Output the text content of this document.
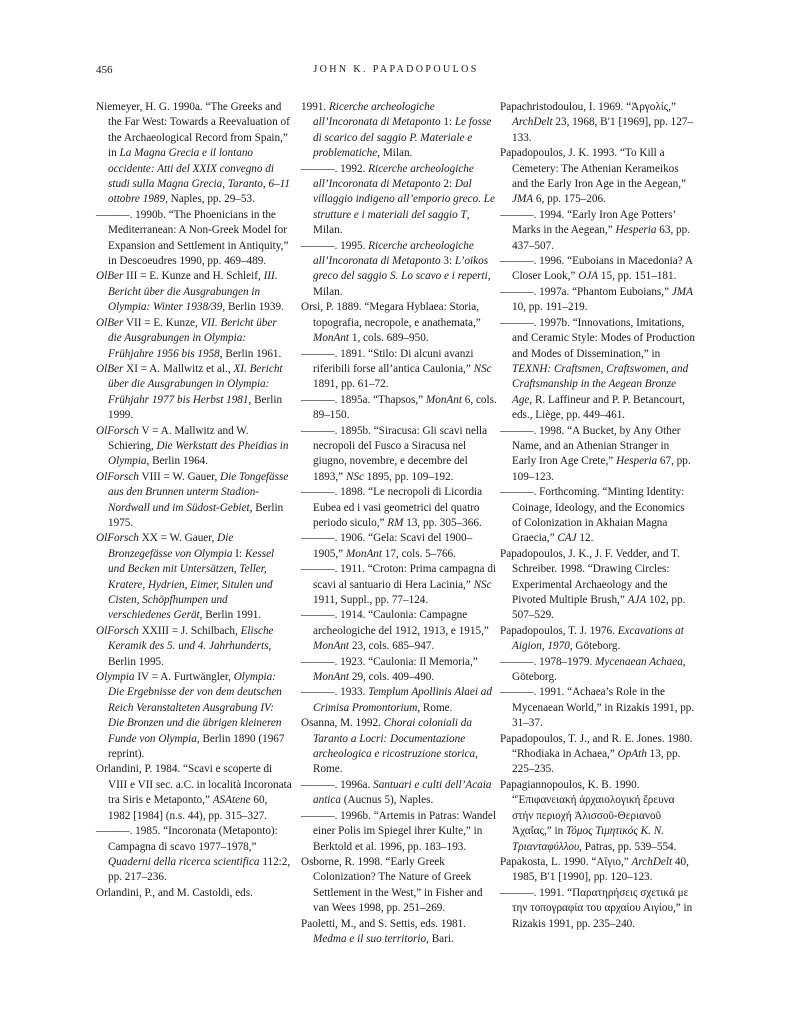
456	JOHN K. PAPADOPOULOS

Niemeyer, H. G. 1990a. “The Greeks and the Far West: Towards a Reevaluation of the Archaeological Record from Spain,” in La Magna Grecia e il lontano occidente: Atti del XXIX convegno di studi sulla Magna Grecia, Taranto, 6–11 ottobre 1989, Naples, pp. 29–53.

———. 1990b. “The Phoenicians in the Mediterranean: A Non-Greek Model for Expansion and Settlement in Antiquity,” in Descoeudres 1990, pp. 469–489.

OlBer III = E. Kunze and H. Schleif, III. Bericht über die Ausgrabungen in Olympia: Winter 1938/39, Berlin 1939.

OlBer VII = E. Kunze, VII. Bericht über die Ausgrabungen in Olympia: Frühjahre 1956 bis 1958, Berlin 1961.

OlBer XI = A. Mallwitz et al., XI. Bericht über die Ausgrabungen in Olympia: Frühjahr 1977 bis Herbst 1981, Berlin 1999.

OlForsch V = A. Mallwitz and W. Schiering, Die Werkstatt des Pheidias in Olympia, Berlin 1964.

OlForsch VIII = W. Gauer, Die Tongefässe aus den Brunnen unterm Stadion-Nordwall und im Südost-Gebiet, Berlin 1975.

OlForsch XX = W. Gauer, Die Bronzegefässe von Olympia I: Kessel und Becken mit Untersätzen, Teller, Kratere, Hydrien, Eimer, Situlen und Cisten, Schöpfhumpen und verschiedenes Gerät, Berlin 1991.

OlForsch XXIII = J. Schilbach, Elische Keramik des 5. und 4. Jahrhunderts, Berlin 1995.

Olympia IV = A. Furtwängler, Olympia: Die Ergebnisse der von dem deutschen Reich Veranstalteten Ausgrabung IV: Die Bronzen und die übrigen kleineren Funde von Olympia, Berlin 1890 (1967 reprint).

Orlandini, P. 1984. “Scavi e scoperte di VIII e VII sec. a.C. in località Incoronata tra Siris e Metaponto,” ASAtene 60, 1982 [1984] (n.s. 44), pp. 315–327.

———. 1985. “Incoronata (Metaponto): Campagna di scavo 1977–1978,” Quaderni della ricerca scientifica 112:2, pp. 217–236.

Orlandini, P., and M. Castoldi, eds.

1991. Ricerche archeologiche all’Incoronata di Metaponto 1: Le fosse di scarico del saggio P. Materiale e problematiche, Milan.

———. 1992. Ricerche archeologiche all’Incoronata di Metaponto 2: Dal villaggio indigeno all’emporio greco. Le strutture e i materiali del saggio T, Milan.

———. 1995. Ricerche archeologiche all’Incoronata di Metaponto 3: L’oikos greco del saggio S. Lo scavo e i reperti, Milan.

Orsi, P. 1889. “Megara Hyblaea: Storia, topografia, necropole, e anathemata,” MonAnt 1, cols. 689–950.

———. 1891. “Stilo: Di alcuni avanzi riferibili forse all’antica Caulonia,” NSc 1891, pp. 61–72.

———. 1895a. “Thapsos,” MonAnt 6, cols. 89–150.

———. 1895b. “Siracusa: Gli scavi nella necropoli del Fusco a Siracusa nel giugno, novembre, e decembre del 1893,” NSc 1895, pp. 109–192.

———. 1898. “Le necropoli di Licordia Eubea ed i vasi geometrici del quatro periodo siculo,” RM 13, pp. 305–366.

———. 1906. “Gela: Scavi del 1900–1905,” MonAnt 17, cols. 5–766.

———. 1911. “Croton: Prima campagna di scavi al santuario di Hera Lacinia,” NSc 1911, Suppl., pp. 77–124.

———. 1914. “Caulonia: Campagne archeologiche del 1912, 1913, e 1915,” MonAnt 23, cols. 685–947.

———. 1923. “Caulonia: Il Memoria,” MonAnt 29, cols. 409–490.

———. 1933. Templum Apollinis Alaei ad Crimisa Promontorium, Rome.

Osanna, M. 1992. Chorai coloniali da Taranto a Locri: Documentazione archeologica e ricostruzione storica, Rome.

———. 1996a. Santuari e culti dell’Acaia antica (Aucnus 5), Naples.

———. 1996b. “Artemis in Patras: Wandel einer Polis im Spiegel ihrer Kulte,” in Berktold et al. 1996, pp. 183–193.

Osborne, R. 1998. “Early Greek Colonization? The Nature of Greek Settlement in the West,” in Fisher and van Wees 1998, pp. 251–269.

Paoletti, M., and S. Settis, eds. 1981. Medma e il suo territorio, Bari.

Papachristodoulou, I. 1969. “Ἀργολίς,” ArchDelt 23, 1968, B′1 [1969], pp. 127–133.

Papadopoulos, J. K. 1993. “To Kill a Cemetery: The Athenian Kerameikos and the Early Iron Age in the Aegean,” JMA 6, pp. 175–206.

———. 1994. “Early Iron Age Potters’ Marks in the Aegean,” Hesperia 63, pp. 437–507.

———. 1996. “Euboians in Macedonia? A Closer Look,” OJA 15, pp. 151–181.

———. 1997a. “Phantom Euboians,” JMA 10, pp. 191–219.

———. 1997b. “Innovations, Imitations, and Ceramic Style: Modes of Production and Modes of Dissemination,” in TEXNH: Craftsmen, Craftswomen, and Craftsmanship in the Aegean Bronze Age, R. Laffineur and P. P. Betancourt, eds., Liège, pp. 449–461.

———. 1998. “A Bucket, by Any Other Name, and an Athenian Stranger in Early Iron Age Crete,” Hesperia 67, pp. 109–123.

———. Forthcoming. “Minting Identity: Coinage, Ideology, and the Economics of Colonization in Akhaian Magna Graecia,” CAJ 12.

Papadopoulos, J. K., J. F. Vedder, and T. Schreiber. 1998. “Drawing Circles: Experimental Archaeology and the Pivoted Multiple Brush,” AJA 102, pp. 507–529.

Papadopoulos, T. J. 1976. Excavations at Aigion, 1970, Göteborg.

———. 1978–1979. Mycenaean Achaea, Göteborg.

———. 1991. “Achaea’s Role in the Mycenaean World,” in Rizakis 1991, pp. 31–37.

Papadopoulos, T. J., and R. E. Jones. 1980. “Rhodiaka in Achaea,” OpAth 13, pp. 225–235.

Papagiannopoulos, K. B. 1990. “Ἐπιφανειακή ἀρχαιολογική ἔρευνα στήν περιοχή Ἀλισσοῦ-Θεριανοῦ Ἀχαΐας,” in Τόμος Τιμητικός Κ. Ν. Τριανταφύλλου, Patras, pp. 539–554.

Papakosta, L. 1990. “Αἴγιο,” ArchDelt 40, 1985, B′1 [1990], pp. 120–123.

———. 1991. “Παρατηρήσεις σχετικά με την τοπογραφία του αρχαίου Αιγίου,” in Rizakis 1991, pp. 235–240.
